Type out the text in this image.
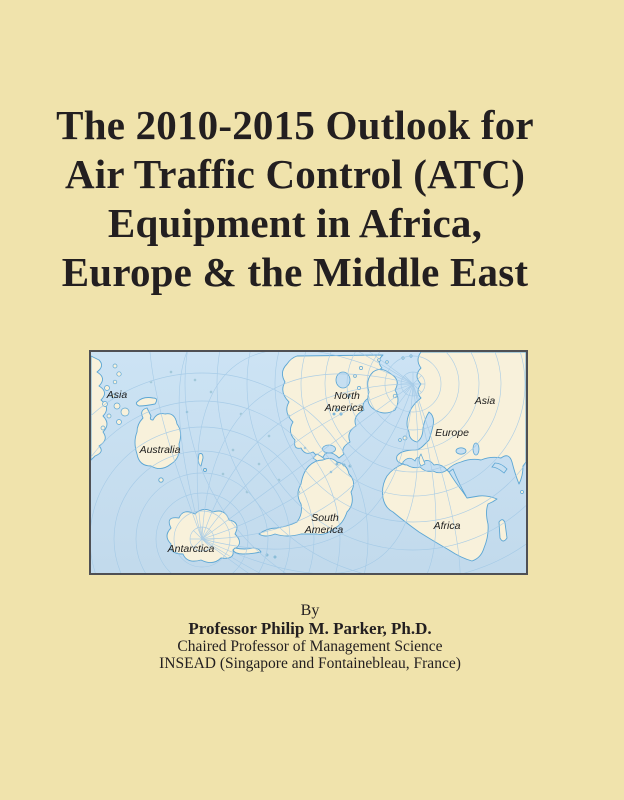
The 2010-2015 Outlook for
Air Traffic Control (ATC)
Equipment in Africa,
Europe & the Middle East
Asia
Australia
Antarctica
North
America
South
America
Asia
Europe
Africa
By
Professor Philip M. Parker, Ph.D.
Chaired Professor of Management Science
INSEAD (Singapore and Fontainebleau, France)
